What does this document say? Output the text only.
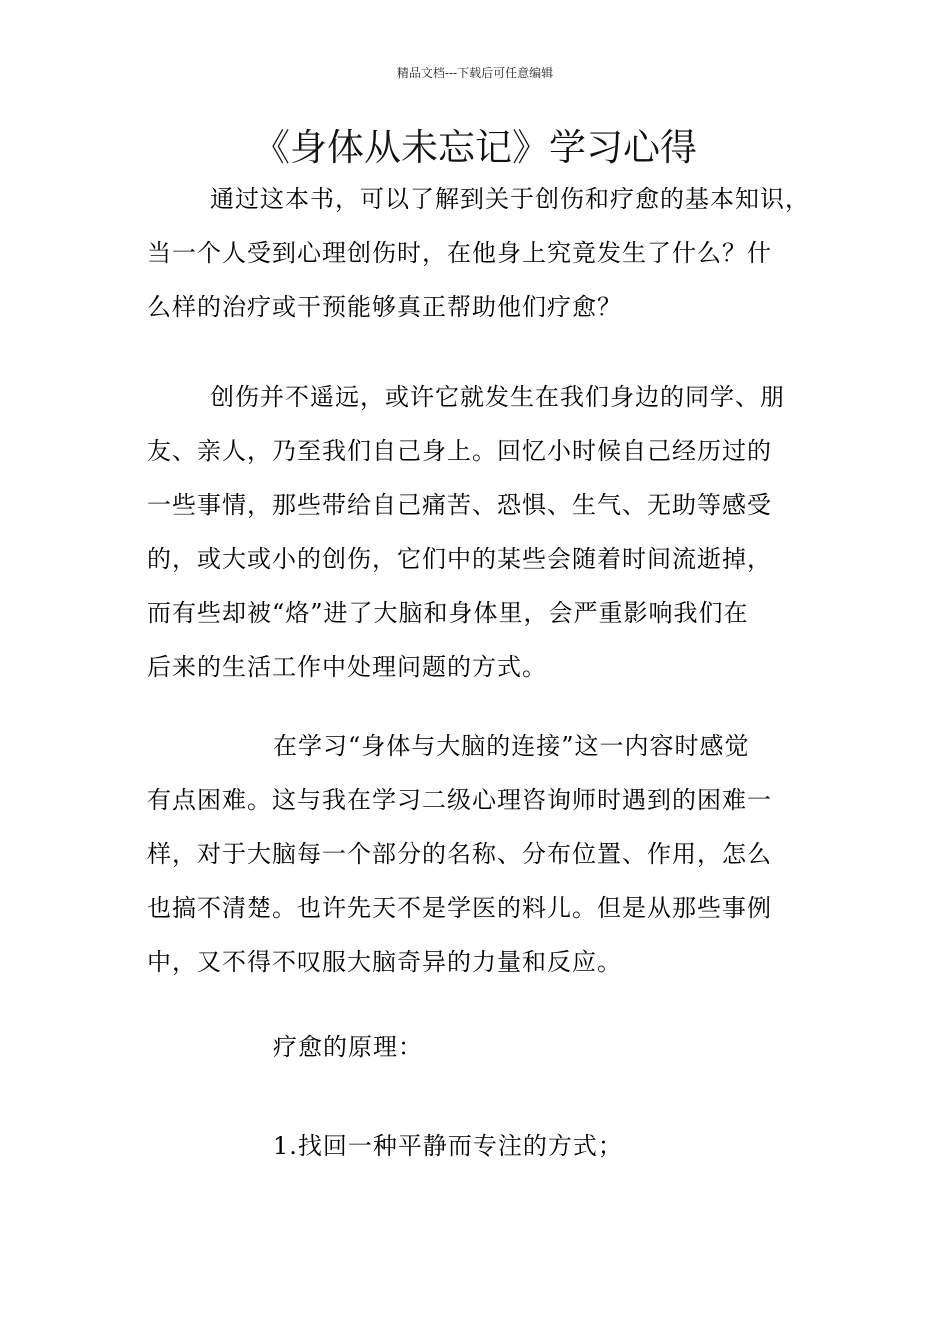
精品文档---下载后可任意编辑
《身体从未忘记》学习心得

通过这本书，可以了解到关于创伤和疗愈的基本知识，
当一个人受到心理创伤时，在他身上究竟发生了什么？什
么样的治疗或干预能够真正帮助他们疗愈？

创伤并不遥远，或许它就发生在我们身边的同学、朋
友、亲人，乃至我们自己身上。回忆小时候自己经历过的
一些事情，那些带给自己痛苦、恐惧、生气、无助等感受
的，或大或小的创伤，它们中的某些会随着时间流逝掉，
而有些却被“烙”进了大脑和身体里，会严重影响我们在
后来的生活工作中处理问题的方式。

在学习“身体与大脑的连接”这一内容时感觉
有点困难。这与我在学习二级心理咨询师时遇到的困难一
样，对于大脑每一个部分的名称、分布位置、作用，怎么
也搞不清楚。也许先天不是学医的料儿。但是从那些事例
中，又不得不叹服大脑奇异的力量和反应。

疗愈的原理：

1.找回一种平静而专注的方式；
